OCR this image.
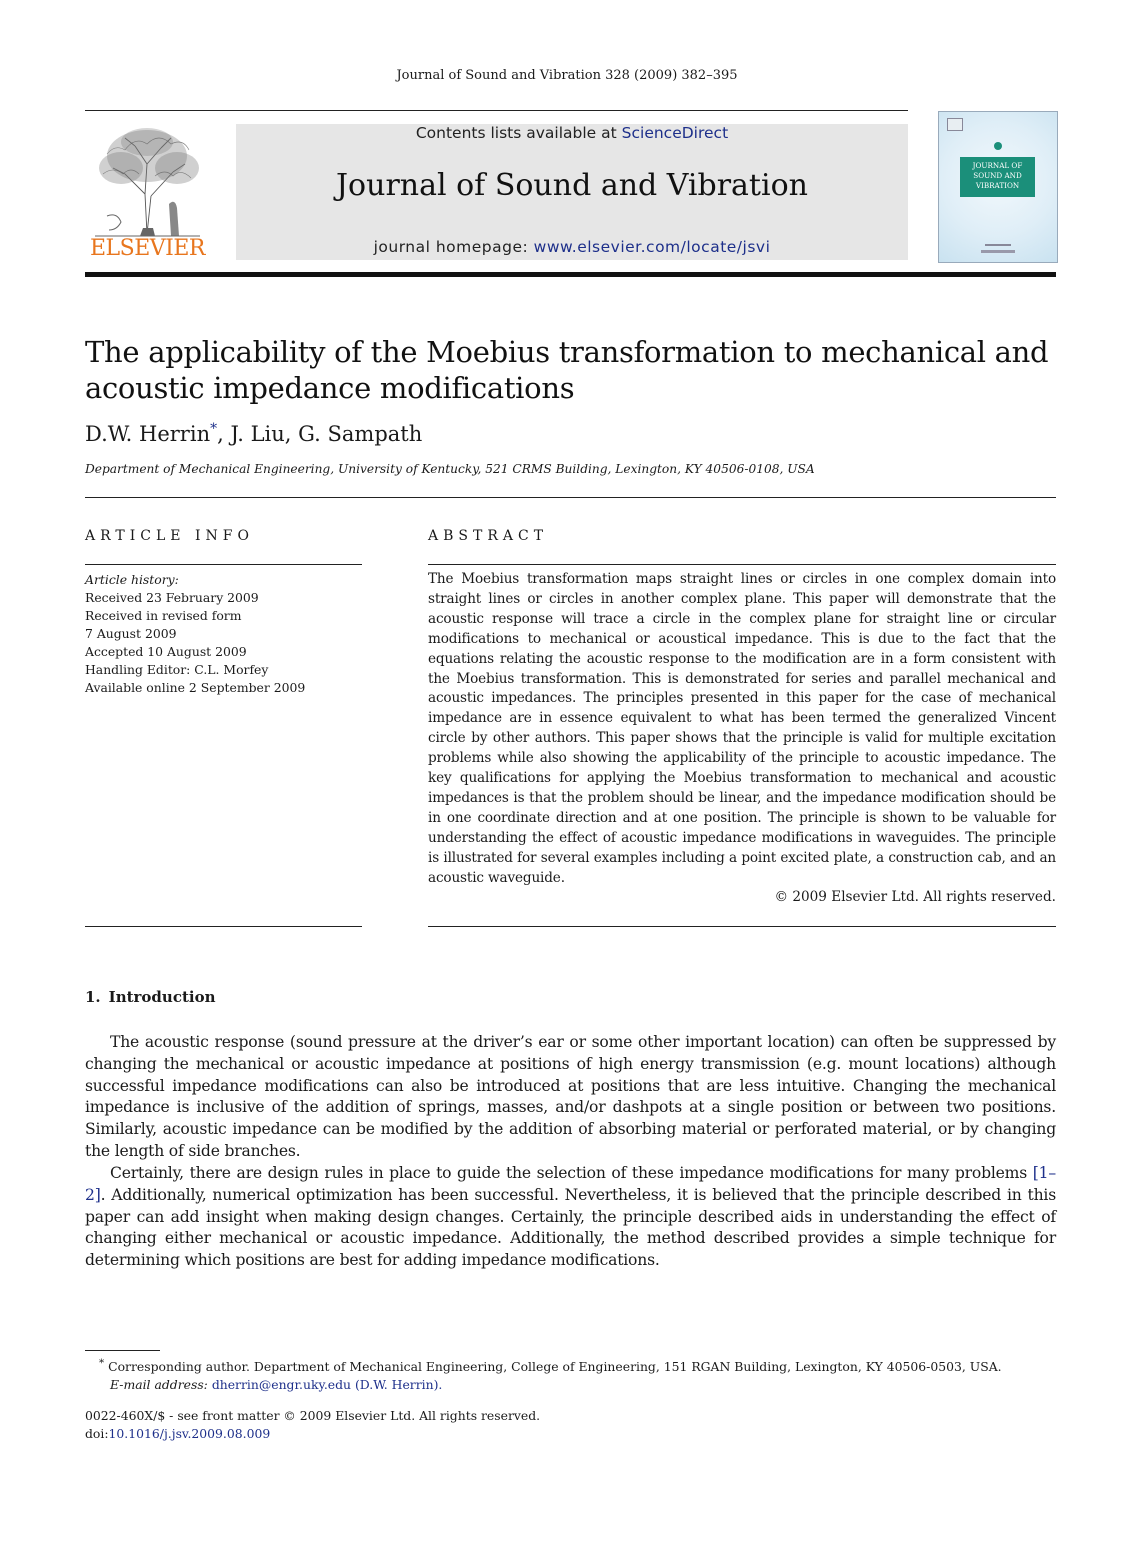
Journal of Sound and Vibration 328 (2009) 382–395
ELSEVIER
Contents lists available at ScienceDirect
Journal of Sound and Vibration
journal homepage: www.elsevier.com/locate/jsvi
JOURNAL OF
SOUND AND
VIBRATION
The applicability of the Moebius transformation to mechanical and acoustic impedance modifications
D.W. Herrin*, J. Liu, G. Sampath
Department of Mechanical Engineering, University of Kentucky, 521 CRMS Building, Lexington, KY 40506-0108, USA
ARTICLE INFO	ABSTRACT
Article history:
Received 23 February 2009
Received in revised form
7 August 2009
Accepted 10 August 2009
Handling Editor: C.L. Morfey
Available online 2 September 2009
The Moebius transformation maps straight lines or circles in one complex domain into straight lines or circles in another complex plane. This paper will demonstrate that the acoustic response will trace a circle in the complex plane for straight line or circular modifications to mechanical or acoustical impedance. This is due to the fact that the equations relating the acoustic response to the modification are in a form consistent with the Moebius transformation. This is demonstrated for series and parallel mechanical and acoustic impedances. The principles presented in this paper for the case of mechanical impedance are in essence equivalent to what has been termed the generalized Vincent circle by other authors. This paper shows that the principle is valid for multiple excitation problems while also showing the applicability of the principle to acoustic impedance. The key qualifications for applying the Moebius transformation to mechanical and acoustic impedances is that the problem should be linear, and the impedance modification should be in one coordinate direction and at one position. The principle is shown to be valuable for understanding the effect of acoustic impedance modifications in waveguides. The principle is illustrated for several examples including a point excited plate, a construction cab, and an acoustic waveguide.
© 2009 Elsevier Ltd. All rights reserved.
1. Introduction
The acoustic response (sound pressure at the driver’s ear or some other important location) can often be suppressed by changing the mechanical or acoustic impedance at positions of high energy transmission (e.g. mount locations) although successful impedance modifications can also be introduced at positions that are less intuitive. Changing the mechanical impedance is inclusive of the addition of springs, masses, and/or dashpots at a single position or between two positions. Similarly, acoustic impedance can be modified by the addition of absorbing material or perforated material, or by changing the length of side branches.
Certainly, there are design rules in place to guide the selection of these impedance modifications for many problems [1–2]. Additionally, numerical optimization has been successful. Nevertheless, it is believed that the principle described in this paper can add insight when making design changes. Certainly, the principle described aids in understanding the effect of changing either mechanical or acoustic impedance. Additionally, the method described provides a simple technique for determining which positions are best for adding impedance modifications.
* Corresponding author. Department of Mechanical Engineering, College of Engineering, 151 RGAN Building, Lexington, KY 40506-0503, USA.
E-mail address: dherrin@engr.uky.edu (D.W. Herrin).
0022-460X/$ - see front matter © 2009 Elsevier Ltd. All rights reserved.
doi:10.1016/j.jsv.2009.08.009
